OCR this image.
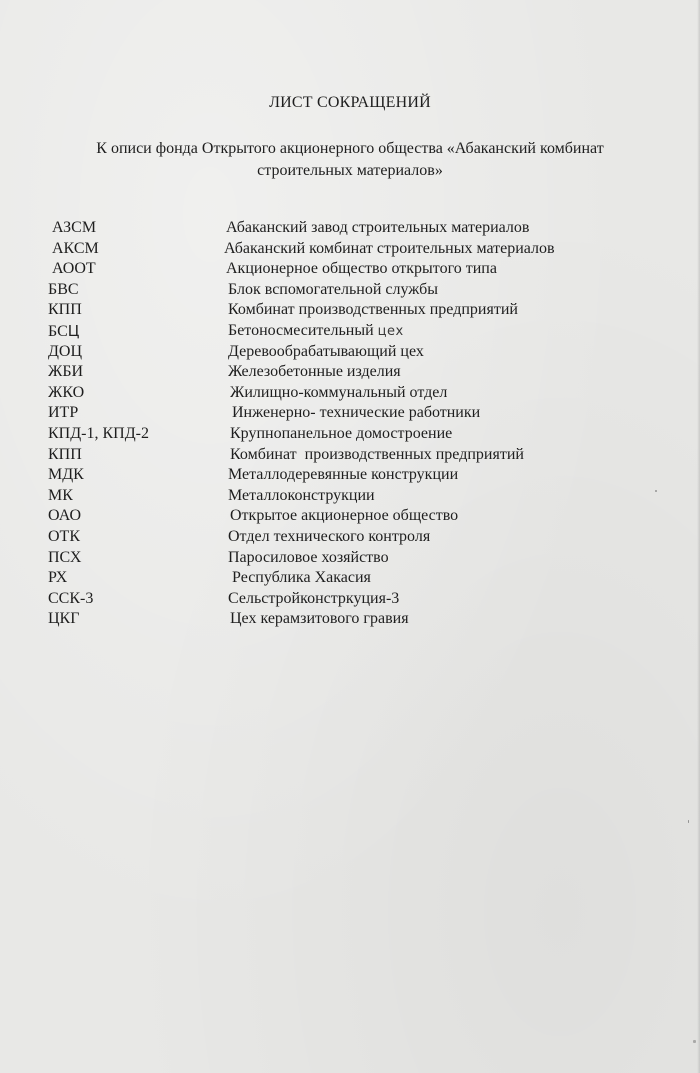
ЛИСТ СОКРАЩЕНИЙ
К описи фонда Открытого акционерного общества «Абаканский комбинат
строительных материалов»
АЗСМ	Абаканский завод строительных материалов
АКСМ	Абаканский комбинат строительных материалов
АООТ	Акционерное общество открытого типа
БВС	Блок вспомогательной службы
КПП	Комбинат производственных предприятий
БСЦ	Бетоносмесительный цех
ДОЦ	Деревообрабатывающий цех
ЖБИ	Железобетонные изделия
ЖКО	Жилищно-коммунальный отдел
ИТР	Инженерно- технические работники
КПД-1, КПД-2	Крупнопанельное домостроение
КПП	Комбинат  производственных предприятий
МДК	Металлодеревянные конструкции
МК	Металлоконструкции
ОАО	Открытое акционерное общество
ОТК	Отдел технического контроля
ПСХ	Паросиловое хозяйство
РХ	Республика Хакасия
ССК-3	Сельстройконстркуция-3
ЦКГ	Цех керамзитового гравия
